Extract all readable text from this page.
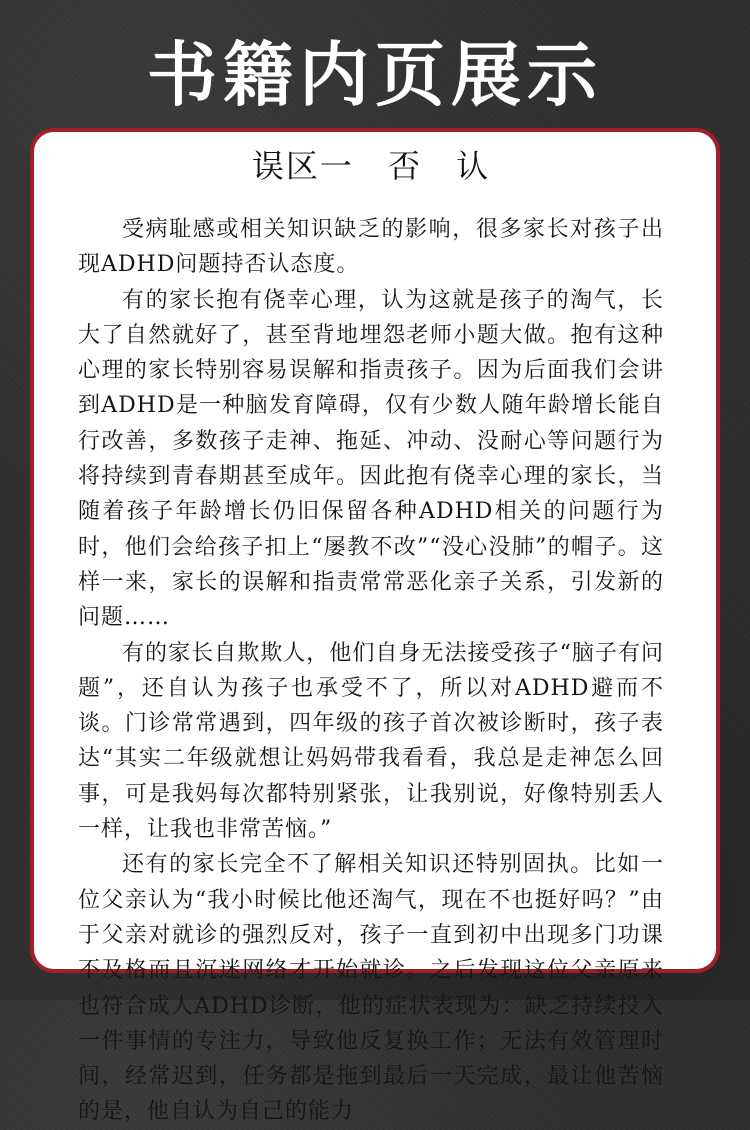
书籍内页展示
误区一 否 认

受病耻感或相关知识缺乏的影响，很多家长对孩子出现ADHD问题持否认态度。

有的家长抱有侥幸心理，认为这就是孩子的淘气，长大了自然就好了，甚至背地埋怨老师小题大做。抱有这种心理的家长特别容易误解和指责孩子。因为后面我们会讲到ADHD是一种脑发育障碍，仅有少数人随年龄增长能自行改善，多数孩子走神、拖延、冲动、没耐心等问题行为将持续到青春期甚至成年。因此抱有侥幸心理的家长，当随着孩子年龄增长仍旧保留各种ADHD相关的问题行为时，他们会给孩子扣上“屡教不改”“没心没肺”的帽子。这样一来，家长的误解和指责常常恶化亲子关系，引发新的问题……

有的家长自欺欺人，他们自身无法接受孩子“脑子有问题”，还自认为孩子也承受不了，所以对ADHD避而不谈。门诊常常遇到，四年级的孩子首次被诊断时，孩子表达“其实二年级就想让妈妈带我看看，我总是走神怎么回事，可是我妈每次都特别紧张，让我别说，好像特别丢人一样，让我也非常苦恼。”

还有的家长完全不了解相关知识还特别固执。比如一位父亲认为“我小时候比他还淘气，现在不也挺好吗？”由于父亲对就诊的强烈反对，孩子一直到初中出现多门功课不及格而且沉迷网络才开始就诊。之后发现这位父亲原来也符合成人ADHD诊断，他的症状表现为：缺乏持续投入一件事情的专注力，导致他反复换工作；无法有效管理时间，经常迟到，任务都是拖到最后一天完成，最让他苦恼的是，他自认为自己的能力
